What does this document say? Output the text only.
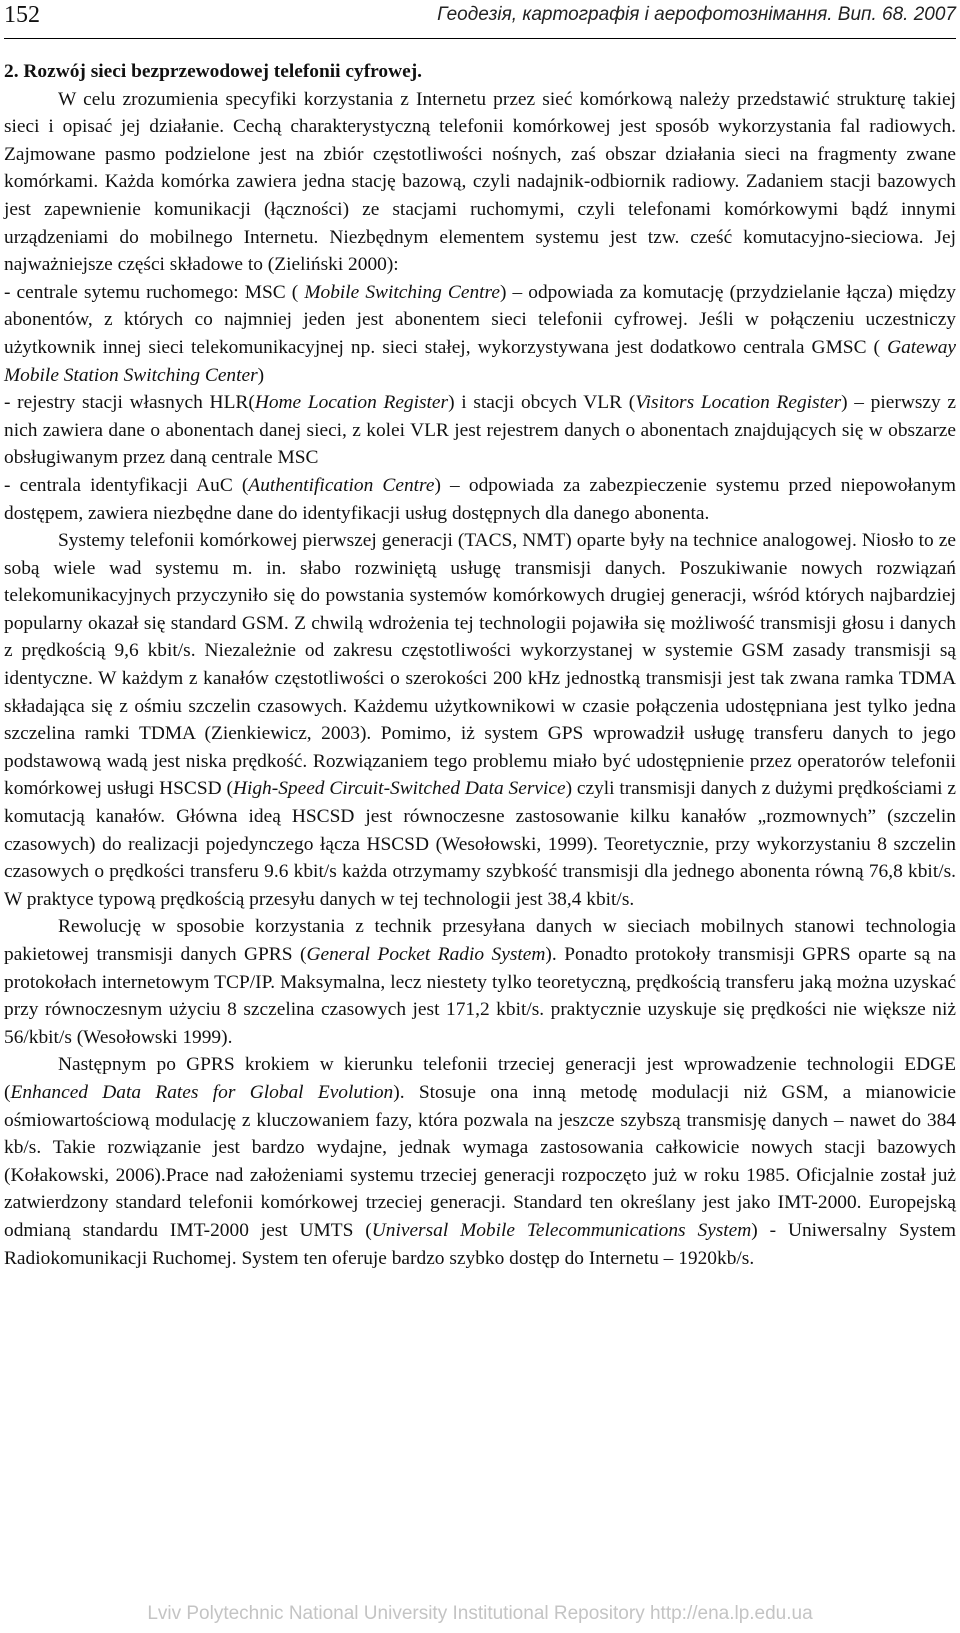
152	Геодезія, картографія і аерофотознімання. Вип. 68. 2007

2. Rozwój sieci bezprzewodowej telefonii cyfrowej.

W celu zrozumienia specyfiki korzystania z Internetu przez sieć komórkową należy przedstawić strukturę takiej sieci i opisać jej działanie. Cechą charakterystyczną telefonii komórkowej jest sposób wykorzystania fal radiowych. Zajmowane pasmo podzielone jest na zbiór częstotliwości nośnych, zaś obszar działania sieci na fragmenty zwane komórkami. Każda komórka zawiera jedna stację bazową, czyli nadajnik-odbiornik radiowy. Zadaniem stacji bazowych jest zapewnienie komunikacji (łączności) ze stacjami ruchomymi, czyli telefonami komórkowymi bądź innymi urządzeniami do mobilnego Internetu. Niezbędnym elementem systemu jest tzw. cześć komutacyjno-sieciowa. Jej najważniejsze części składowe to (Zieliński 2000):

- centrale sytemu ruchomego: MSC ( Mobile Switching Centre) – odpowiada za komutację (przydzielanie łącza) między abonentów, z których co najmniej jeden jest abonentem sieci telefonii cyfrowej. Jeśli w połączeniu uczestniczy użytkownik innej sieci telekomunikacyjnej np. sieci stałej, wykorzystywana jest dodatkowo centrala GMSC ( Gateway Mobile Station Switching Center)

- rejestry stacji własnych HLR(Home Location Register) i stacji obcych VLR (Visitors Location Register) – pierwszy z nich zawiera dane o abonentach danej sieci, z kolei VLR jest rejestrem danych o abonentach znajdujących się w obszarze obsługiwanym przez daną centrale MSC

- centrala identyfikacji AuC (Authentification Centre) – odpowiada za zabezpieczenie systemu przed niepowołanym dostępem, zawiera niezbędne dane do identyfikacji usług dostępnych dla danego abonenta.

Systemy telefonii komórkowej pierwszej generacji (TACS, NMT) oparte były na technice analogowej. Niosło to ze sobą wiele wad systemu m. in. słabo rozwiniętą usługę transmisji danych. Poszukiwanie nowych rozwiązań telekomunikacyjnych przyczyniło się do powstania systemów komórkowych drugiej generacji, wśród których najbardziej popularny okazał się standard GSM. Z chwilą wdrożenia tej technologii pojawiła się możliwość transmisji głosu i danych z prędkością 9,6 kbit/s. Niezależnie od zakresu częstotliwości wykorzystanej w systemie GSM zasady transmisji są identyczne. W każdym z kanałów częstotliwości o szerokości 200 kHz jednostką transmisji jest tak zwana ramka TDMA składająca się z ośmiu szczelin czasowych. Każdemu użytkownikowi w czasie połączenia udostępniana jest tylko jedna szczelina ramki TDMA (Zienkiewicz, 2003). Pomimo, iż system GPS wprowadził usługę transferu danych to jego podstawową wadą jest niska prędkość. Rozwiązaniem tego problemu miało być udostępnienie przez operatorów telefonii komórkowej usługi HSCSD (High-Speed Circuit-Switched Data Service) czyli transmisji danych z dużymi prędkościami z komutacją kanałów. Główna ideą HSCSD jest równoczesne zastosowanie kilku kanałów „rozmownych” (szczelin czasowych) do realizacji pojedynczego łącza HSCSD (Wesołowski, 1999). Teoretycznie, przy wykorzystaniu 8 szczelin czasowych o prędkości transferu 9.6 kbit/s każda otrzymamy szybkość transmisji dla jednego abonenta równą 76,8 kbit/s. W praktyce typową prędkością przesyłu danych w tej technologii jest 38,4 kbit/s.

Rewolucję w sposobie korzystania z technik przesyłana danych w sieciach mobilnych stanowi technologia pakietowej transmisji danych GPRS (General Pocket Radio System). Ponadto protokoły transmisji GPRS oparte są na protokołach internetowym TCP/IP. Maksymalna, lecz niestety tylko teoretyczną, prędkością transferu jaką można uzyskać przy równoczesnym użyciu 8 szczelina czasowych jest 171,2 kbit/s. praktycznie uzyskuje się prędkości nie większe niż 56/kbit/s (Wesołowski 1999).

Następnym po GPRS krokiem w kierunku telefonii trzeciej generacji jest wprowadzenie technologii EDGE (Enhanced Data Rates for Global Evolution). Stosuje ona inną metodę modulacji niż GSM, a mianowicie ośmiowartościową modulację z kluczowaniem fazy, która pozwala na jeszcze szybszą transmisję danych – nawet do 384 kb/s. Takie rozwiązanie jest bardzo wydajne, jednak wymaga zastosowania całkowicie nowych stacji bazowych (Kołakowski, 2006).Prace nad założeniami systemu trzeciej generacji rozpoczęto już w roku 1985. Oficjalnie został już zatwierdzony standard telefonii komórkowej trzeciej generacji. Standard ten określany jest jako IMT-2000. Europejską odmianą standardu IMT-2000 jest UMTS (Universal Mobile Telecommunications System) - Uniwersalny System Radiokomunikacji Ruchomej. System ten oferuje bardzo szybko dostęp do Internetu – 1920kb/s.

Lviv Polytechnic National University Institutional Repository http://ena.lp.edu.ua
